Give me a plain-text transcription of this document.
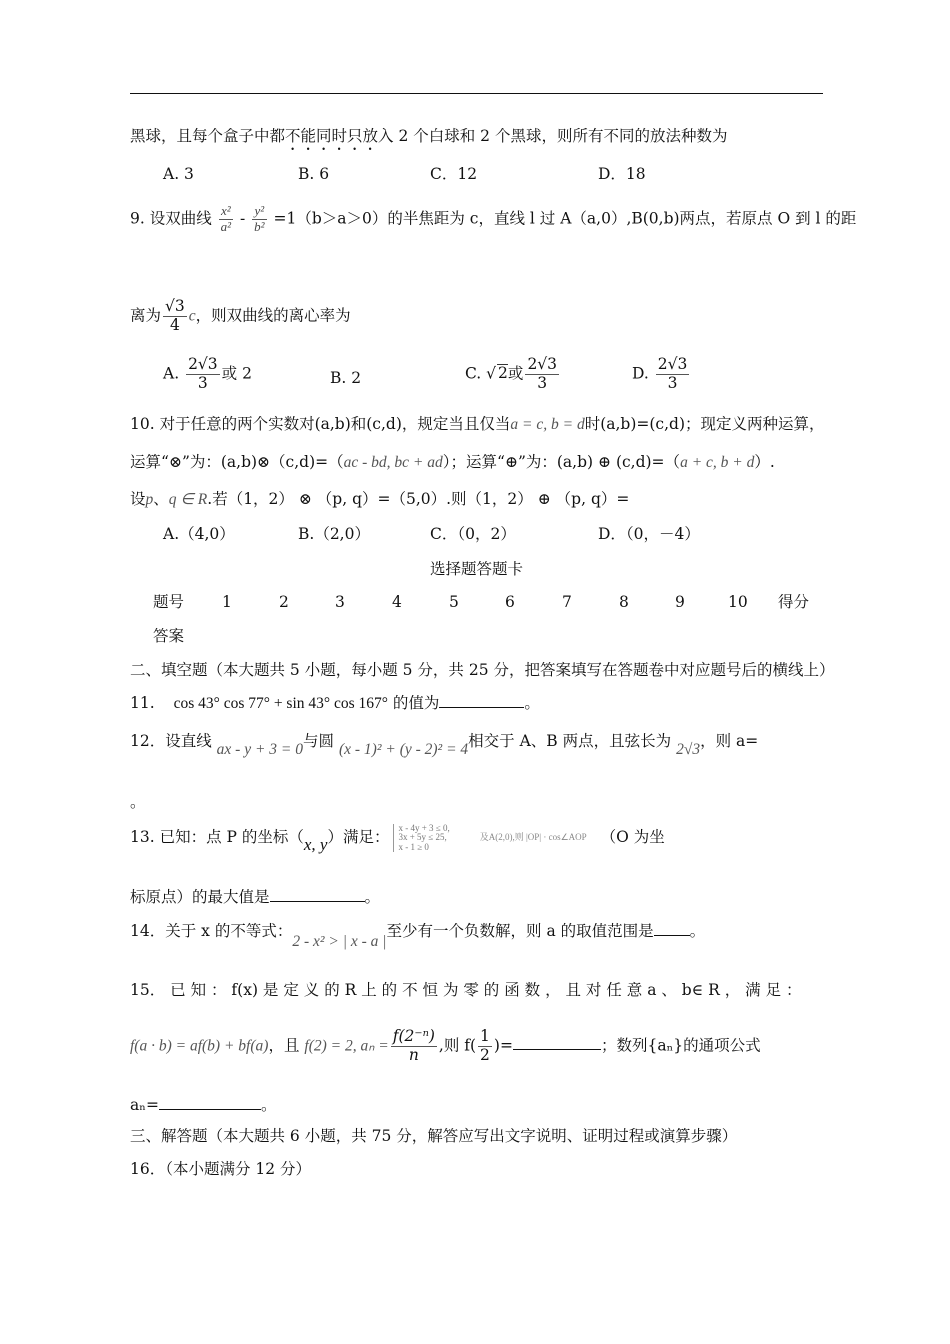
黑球，且每个盒子中都不能同时只放入 2 个白球和 2 个黑球，则所有不同的放法种数为
A. 3	B. 6	C．12	D．18
9. 设双曲线 $\frac{\text{x²}}{\text{a²}} - \frac{\text{y²}}{\text{b²}} =1(b>a>0)$的半焦距为 c，直线 l 过 A（a,0）,B(0,b)两点，若原点 O 到 l 的距
离为 $\frac{√3}{4}$ c，则双曲线的离心率为
A. $\frac{2√3}{3}$ 或 2	B. 2	C. √ 2或 $\frac{2√3}{3}$	D. $\frac{2√3}{3}$
10. 对于任意的两个实数对(a,b)和(c,d)，规定当且仅当a = c, b = d时(a,b)=(c,d)；现定义两种运算，
运算“⊗”为：(a,b)⊗（c,d)=（ac - bd, bc + ad）；运算“⊕”为：(a,b) ⊕ (c,d)=（a + c, b + d）.
设p、q ∈ R.若（1，2） ⊗ （p, q）=（5,0）.则（1，2） ⊕ （p, q）=
A.（4,0）	B.（2,0）	C．（0，2）	D．（0，－4）
选择题答题卡
题号 1	2	3	4	5	6	7	8	9	10 得分
答案
二、填空题（本大题共 5 小题，每小题 5 分，共 25 分，把答案填写在答题卷中对应题号后的横线上）
11. cos 43° cos 77° + sin 43° cos 167° 的值为	。
12．设直线 ax - y + 3 = 0与圆 (x - 1)² + (y - 2)² = 4相交于 A、B 两点，且弦长为 2√3，则 a=
。
13. 已知：点 P 的坐标（x, y）满足：x - 4y + 3 ≤ 0,
3x + 5y ≤ 25,
x - 1 ≥ 0及A(2,0),则 |OP| · cos∠AOP （O 为坐
标原点）的最大值是	。
14．关于 x 的不等式：2 - x² > | x - a |至少有一个负数解，则 a 的取值范围是 。
15． 已 知 ： f(x) 是 定 义 的 R 上 的 不 恒 为 零 的 函 数 ， 且 对 任 意 a 、 b∈ R ， 满 足 ：
f(a · b) = af(b) + bf(a)，且 f(2) = 2, $a_n = \frac{\text{f(2⁻ⁿ)}}{n}$ ,则 $f( \frac{1}{2}$ )=	；数列{aₙ}的通项公式
aₙ=	。
三、解答题（本大题共 6 小题，共 75 分，解答应写出文字说明、证明过程或演算步骤）
16．（本小题满分 12 分）
